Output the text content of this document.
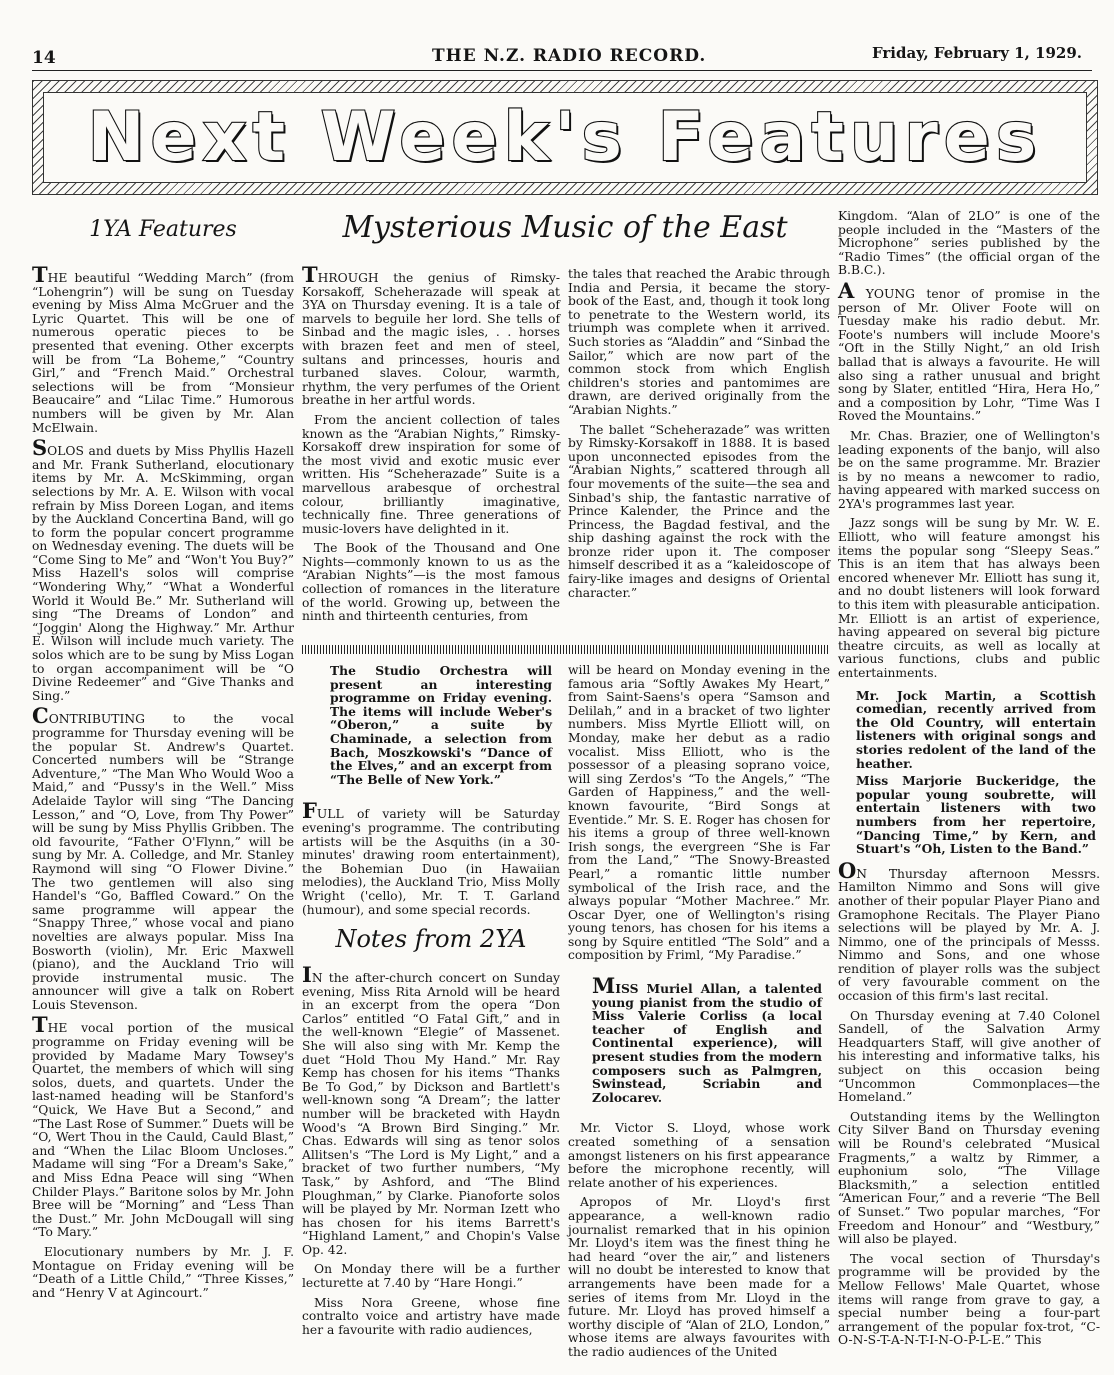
14	THE N.Z. RADIO RECORD.	Friday, February 1, 1929.
Next Week's Features
1YA Features

THE beautiful “Wedding March” (from “Lohengrin”) will be sung on Tuesday evening by Miss Alma McGruer and the Lyric Quartet. This will be one of numerous operatic pieces to be presented that evening. Other excerpts will be from “La Boheme,” “Country Girl,” and “French Maid.” Orchestral selections will be from “Monsieur Beaucaire” and “Lilac Time.” Humorous numbers will be given by Mr. Alan McElwain.

SOLOS and duets by Miss Phyllis Hazell and Mr. Frank Sutherland, elocutionary items by Mr. A. McSkimming, organ selections by Mr. A. E. Wilson with vocal refrain by Miss Doreen Logan, and items by the Auckland Concertina Band, will go to form the popular concert programme on Wednesday evening. The duets will be “Come Sing to Me” and “Won't You Buy?” Miss Hazell's solos will comprise “Wondering Why,” “What a Wonderful World it Would Be.” Mr. Sutherland will sing “The Dreams of London” and “Joggin' Along the Highway.” Mr. Arthur E. Wilson will include much variety. The solos which are to be sung by Miss Logan to organ accompaniment will be “O Divine Redeemer” and “Give Thanks and Sing.”

CONTRIBUTING to the vocal programme for Thursday evening will be the popular St. Andrew's Quartet. Concerted numbers will be “Strange Adventure,” “The Man Who Would Woo a Maid,” and “Pussy's in the Well.” Miss Adelaide Taylor will sing “The Dancing Lesson,” and “O, Love, from Thy Power” will be sung by Miss Phyllis Gribben. The old favourite, “Father O'Flynn,” will be sung by Mr. A. Colledge, and Mr. Stanley Raymond will sing “O Flower Divine.” The two gentlemen will also sing Handel's “Go, Baffled Coward.” On the same programme will appear the “Snappy Three,” whose vocal and piano novelties are always popular. Miss Ina Bosworth (violin), Mr. Eric Maxwell (piano), and the Auckland Trio will provide instrumental music. The announcer will give a talk on Robert Louis Stevenson.

THE vocal portion of the musical programme on Friday evening will be provided by Madame Mary Towsey's Quartet, the members of which will sing solos, duets, and quartets. Under the last-named heading will be Stanford's “Quick, We Have But a Second,” and “The Last Rose of Summer.” Duets will be “O, Wert Thou in the Cauld, Cauld Blast,” and “When the Lilac Bloom Uncloses.” Madame will sing “For a Dream's Sake,” and Miss Edna Peace will sing “When Childer Plays.” Baritone solos by Mr. John Bree will be “Morning” and “Less Than the Dust.” Mr. John McDougall will sing “To Mary.”

Elocutionary numbers by Mr. J. F. Montague on Friday evening will be “Death of a Little Child,” “Three Kisses,” and “Henry V at Agincourt.”

Mysterious Music of the East

THROUGH the genius of Rimsky-Korsakoff, Scheherazade will speak at 3YA on Thursday evening. It is a tale of marvels to beguile her lord. She tells of Sinbad and the magic isles, . . horses with brazen feet and men of steel, sultans and princesses, houris and turbaned slaves. Colour, warmth, rhythm, the very perfumes of the Orient breathe in her artful words.

From the ancient collection of tales known as the “Arabian Nights,” Rimsky-Korsakoff drew inspiration for some of the most vivid and exotic music ever written. His “Scheherazade” Suite is a marvellous arabesque of orchestral colour, brilliantly imaginative, technically fine. Three generations of music-lovers have delighted in it.

The Book of the Thousand and One Nights—commonly known to us as the “Arabian Nights”—is the most famous collection of romances in the literature of the world. Growing up, between the ninth and thirteenth centuries, from

the tales that reached the Arabic through India and Persia, it became the story-book of the East, and, though it took long to penetrate to the Western world, its triumph was complete when it arrived. Such stories as “Aladdin” and “Sinbad the Sailor,” which are now part of the common stock from which English children's stories and pantomimes are drawn, are derived originally from the “Arabian Nights.”

The ballet “Scheherazade” was written by Rimsky-Korsakoff in 1888. It is based upon unconnected episodes from the “Arabian Nights,” scattered through all four movements of the suite—the sea and Sinbad's ship, the fantastic narrative of Prince Kalender, the Prince and the Princess, the Bagdad festival, and the ship dashing against the rock with the bronze rider upon it. The composer himself described it as a “kaleidoscope of fairy-like images and designs of Oriental character.”

The Studio Orchestra will present an interesting programme on Friday evening. The items will include Weber's “Oberon,” a suite by Chaminade, a selection from Bach, Moszkowski's “Dance of the Elves,” and an excerpt from “The Belle of New York.”

FULL of variety will be Saturday evening's programme. The contributing artists will be the Asquiths (in a 30-minutes' drawing room entertainment), the Bohemian Duo (in Hawaiian melodies), the Auckland Trio, Miss Molly Wright ('cello), Mr. T. T. Garland (humour), and some special records.

Notes from 2YA

IN the after-church concert on Sunday evening, Miss Rita Arnold will be heard in an excerpt from the opera “Don Carlos” entitled “O Fatal Gift,” and in the well-known “Elegie” of Massenet. She will also sing with Mr. Kemp the duet “Hold Thou My Hand.” Mr. Ray Kemp has chosen for his items “Thanks Be To God,” by Dickson and Bartlett's well-known song “A Dream”; the latter number will be bracketed with Haydn Wood's “A Brown Bird Singing.” Mr. Chas. Edwards will sing as tenor solos Allitsen's “The Lord is My Light,” and a bracket of two further numbers, “My Task,” by Ashford, and “The Blind Ploughman,” by Clarke. Pianoforte solos will be played by Mr. Norman Izett who has chosen for his items Barrett's “Highland Lament,” and Chopin's Valse Op. 42.

On Monday there will be a further lecturette at 7.40 by “Hare Hongi.”

Miss Nora Greene, whose fine contralto voice and artistry have made her a favourite with radio audiences,

will be heard on Monday evening in the famous aria “Softly Awakes My Heart,” from Saint-Saens's opera “Samson and Delilah,” and in a bracket of two lighter numbers. Miss Myrtle Elliott will, on Monday, make her debut as a radio vocalist. Miss Elliott, who is the possessor of a pleasing soprano voice, will sing Zerdos's “To the Angels,” “The Garden of Happiness,” and the well-known favourite, “Bird Songs at Eventide.” Mr. S. E. Roger has chosen for his items a group of three well-known Irish songs, the evergreen “She is Far from the Land,” “The Snowy-Breasted Pearl,” a romantic little number symbolical of the Irish race, and the always popular “Mother Machree.” Mr. Oscar Dyer, one of Wellington's rising young tenors, has chosen for his items a song by Squire entitled “The Sold” and a composition by Friml, “My Paradise.”

MISS Muriel Allan, a talented young pianist from the studio of Miss Valerie Corliss (a local teacher of English and Continental experience), will present studies from the modern composers such as Palmgren, Swinstead, Scriabin and Zolocarev.

Mr. Victor S. Lloyd, whose work created something of a sensation amongst listeners on his first appearance before the microphone recently, will relate another of his experiences.

Apropos of Mr. Lloyd's first appearance, a well-known radio journalist remarked that in his opinion Mr. Lloyd's item was the finest thing he had heard “over the air,” and listeners will no doubt be interested to know that arrangements have been made for a series of items from Mr. Lloyd in the future. Mr. Lloyd has proved himself a worthy disciple of “Alan of 2LO, London,” whose items are always favourites with the radio audiences of the United

Kingdom. “Alan of 2LO” is one of the people included in the “Masters of the Microphone” series published by the “Radio Times” (the official organ of the B.B.C.).

A YOUNG tenor of promise in the person of Mr. Oliver Foote will on Tuesday make his radio debut. Mr. Foote's numbers will include Moore's “Oft in the Stilly Night,” an old Irish ballad that is always a favourite. He will also sing a rather unusual and bright song by Slater, entitled “Hira, Hera Ho,” and a composition by Lohr, “Time Was I Roved the Mountains.”

Mr. Chas. Brazier, one of Wellington's leading exponents of the banjo, will also be on the same programme. Mr. Brazier is by no means a newcomer to radio, having appeared with marked success on 2YA's programmes last year.

Jazz songs will be sung by Mr. W. E. Elliott, who will feature amongst his items the popular song “Sleepy Seas.” This is an item that has always been encored whenever Mr. Elliott has sung it, and no doubt listeners will look forward to this item with pleasurable anticipation. Mr. Elliott is an artist of experience, having appeared on several big picture theatre circuits, as well as locally at various functions, clubs and public entertainments.

Mr. Jock Martin, a Scottish comedian, recently arrived from the Old Country, will entertain listeners with original songs and stories redolent of the land of the heather.

Miss Marjorie Buckeridge, the popular young soubrette, will entertain listeners with two numbers from her repertoire, “Dancing Time,” by Kern, and Stuart's “Oh, Listen to the Band.”

ON Thursday afternoon Messrs. Hamilton Nimmo and Sons will give another of their popular Player Piano and Gramophone Recitals. The Player Piano selections will be played by Mr. A. J. Nimmo, one of the principals of Messs. Nimmo and Sons, and one whose rendition of player rolls was the subject of very favourable comment on the occasion of this firm's last recital.

On Thursday evening at 7.40 Colonel Sandell, of the Salvation Army Headquarters Staff, will give another of his interesting and informative talks, his subject on this occasion being “Uncommon Commonplaces—the Homeland.”

Outstanding items by the Wellington City Silver Band on Thursday evening will be Round's celebrated “Musical Fragments,” a waltz by Rimmer, a euphonium solo, “The Village Blacksmith,” a selection entitled “American Four,” and a reverie “The Bell of Sunset.” Two popular marches, “For Freedom and Honour” and “Westbury,” will also be played.

The vocal section of Thursday's programme will be provided by the Mellow Fellows' Male Quartet, whose items will range from grave to gay, a special number being a four-part arrangement of the popular fox-trot, “C-O-N-S-T-A-N-T-I-N-O-P-L-E.” This
